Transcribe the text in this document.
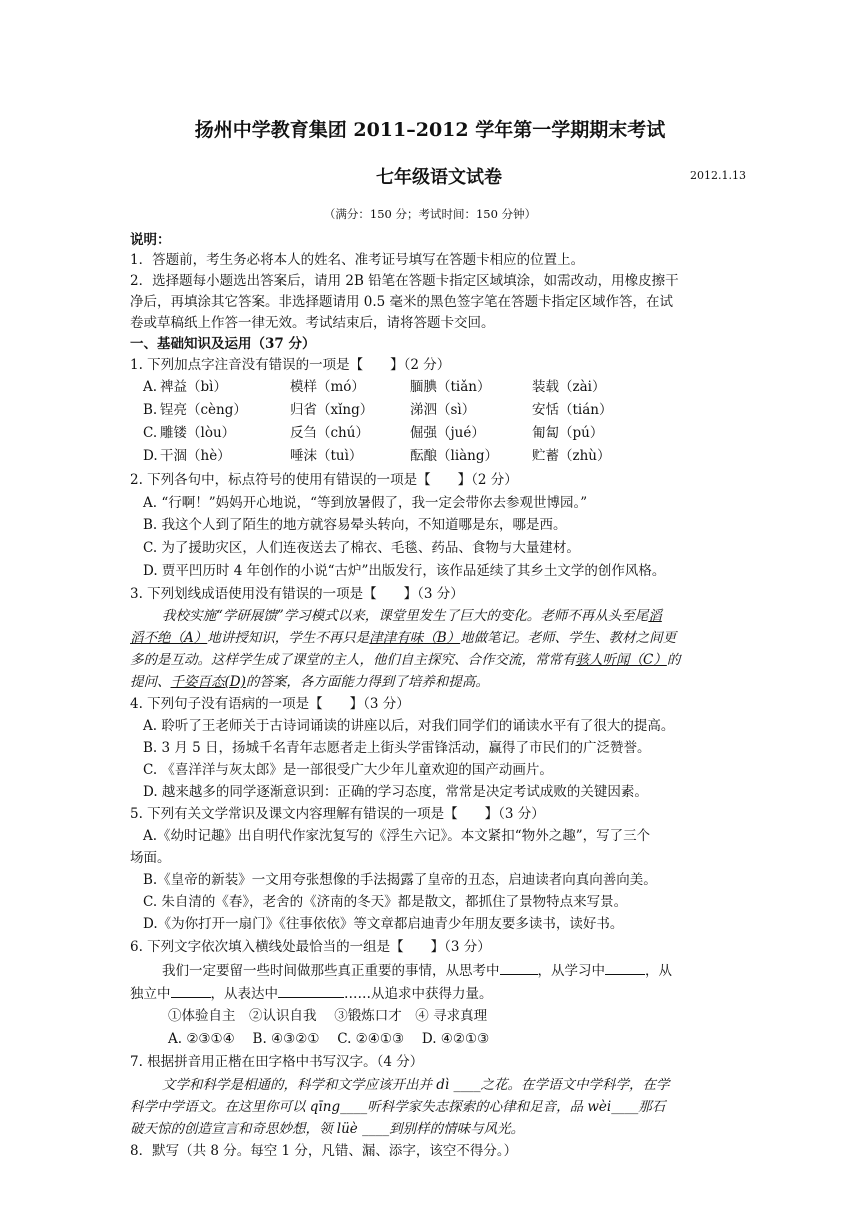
扬州中学教育集团 2011–2012 学年第一学期期末考试
七年级语文试卷	2012.1.13
（满分：150 分；考试时间：150 分钟）
说明：
1．答题前，考生务必将本人的姓名、准考证号填写在答题卡相应的位置上。
2．选择题每小题选出答案后，请用 2B 铅笔在答题卡指定区域填涂，如需改动，用橡皮擦干
净后，再填涂其它答案。非选择题请用 0.5 毫米的黑色签字笔在答题卡指定区域作答，在试
卷或草稿纸上作答一律无效。考试结束后，请将答题卡交回。
一、基础知识及运用（37 分）
1. 下列加点字注音没有错误的一项是【　　】（2 分）
A. 禆益（bì）	模样（mó）	腼腆（tiǎn）	装载（zài）
B. 锃亮（cèng）	归省（xǐng）	涕泗（sì）	安恬（tián）
C. 雕镂（lòu）	反刍（chú）	倔强（jué）	匍匐（pú）
D. 干涸（hè）	唾沫（tuì）	酝酿（liàng）	贮蓄（zhù）
2. 下列各句中，标点符号的使用有错误的一项是【　　】（2 分）
A. “行啊！”妈妈开心地说，“等到放暑假了，我一定会带你去参观世博园。”
B. 我这个人到了陌生的地方就容易晕头转向，不知道哪是东，哪是西。
C. 为了援助灾区，人们连夜送去了棉衣、毛毯、药品、食物与大量建材。
D. 贾平凹历时 4 年创作的小说“古炉”出版发行，该作品延续了其乡土文学的创作风格。
3. 下列划线成语使用没有错误的一项是【　　】（3 分）
我校实施“学研展馈”学习模式以来，课堂里发生了巨大的变化。老师不再从头至尾滔
滔不绝（A）地讲授知识，学生不再只是津津有味（B）地做笔记。老师、学生、教材之间更
多的是互动。这样学生成了课堂的主人，他们自主探究、合作交流，常常有骇人听闻（C）的
提问、千姿百态(D)的答案，各方面能力得到了培养和提高。
4. 下列句子没有语病的一项是【　　】（3 分）
A. 聆听了王老师关于古诗词诵读的讲座以后，对我们同学们的诵读水平有了很大的提高。
B. 3 月 5 日，扬城千名青年志愿者走上街头学雷锋活动，赢得了市民们的广泛赞誉。
C. 《喜洋洋与灰太郎》是一部很受广大少年儿童欢迎的国产动画片。
D. 越来越多的同学逐渐意识到：正确的学习态度，常常是决定考试成败的关键因素。
5. 下列有关文学常识及课文内容理解有错误的一项是【　　】（3 分）
A.《幼时记趣》出自明代作家沈复写的《浮生六记》。本文紧扣“物外之趣”，写了三个
场面。
B.《皇帝的新装》一文用夸张想像的手法揭露了皇帝的丑态，启迪读者向真向善向美。
C. 朱自清的《春》，老舍的《济南的冬天》都是散文，都抓住了景物特点来写景。
D.《为你打开一扇门》《往事依依》等文章都启迪青少年朋友要多读书，读好书。
6. 下列文字依次填入横线处最恰当的一组是【　　】（3 分）
我们一定要留一些时间做那些真正重要的事情，从思考中	，从学习中	，从
独立中	，从表达中	……从追求中获得力量。
①体验自主　②认识自我　 ③锻炼口才　④ 寻求真理
A. ②③①④　 B. ④③②①　 C. ②④①③　 D. ④②①③
7. 根据拼音用正楷在田字格中书写汉字。（4 分）
文学和科学是相通的，科学和文学应该开出并 dì ____之花。在学语文中学科学，在学
科学中学语文。在这里你可以 qīng____听科学家失志探索的心律和足音，品 wèi____那石
破天惊的创造宣言和奇思妙想，领 lüè ____到别样的情味与风光。
8．默写（共 8 分。每空 1 分，凡错、漏、添字，该空不得分。）
